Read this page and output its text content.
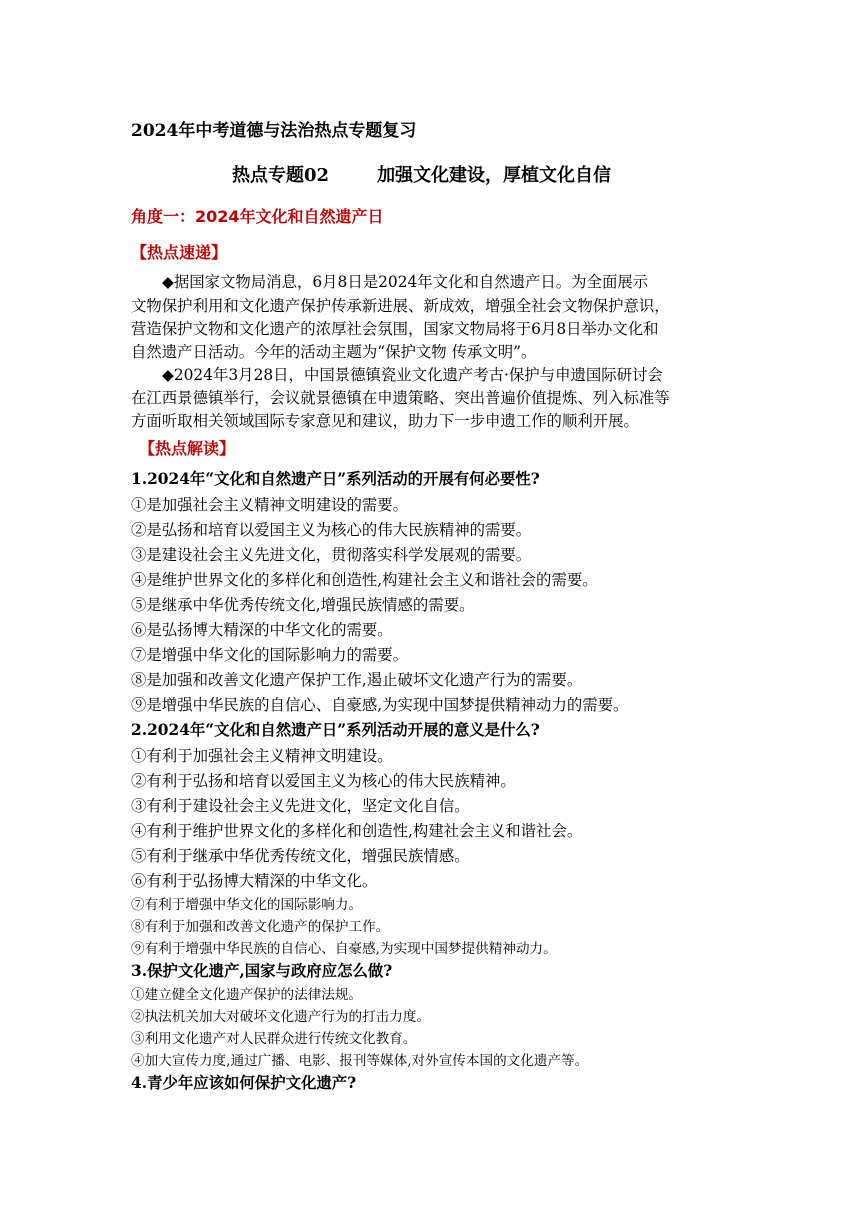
2024年中考道德与法治热点专题复习
热点专题02	加强文化建设，厚植文化自信
角度一：2024年文化和自然遗产日
【热点速递】
◆据国家文物局消息，6月8日是2024年文化和自然遗产日。为全面展示
文物保护利用和文化遗产保护传承新进展、新成效，增强全社会文物保护意识，
营造保护文物和文化遗产的浓厚社会氛围，国家文物局将于6月8日举办文化和
自然遗产日活动。今年的活动主题为“保护文物 传承文明”。
◆2024年3月28日，中国景德镇瓷业文化遗产考古·保护与申遗国际研讨会
在江西景德镇举行，会议就景德镇在申遗策略、突出普遍价值提炼、列入标准等
方面听取相关领域国际专家意见和建议，助力下一步申遗工作的顺利开展。
【热点解读】
1.2024年“文化和自然遗产日”系列活动的开展有何必要性?
①是加强社会主义精神文明建设的需要。
②是弘扬和培育以爱国主义为核心的伟大民族精神的需要。
③是建设社会主义先进文化，贯彻落实科学发展观的需要。
④是维护世界文化的多样化和创造性,构建社会主义和谐社会的需要。
⑤是继承中华优秀传统文化,增强民族情感的需要。
⑥是弘扬博大精深的中华文化的需要。
⑦是增强中华文化的国际影响力的需要。
⑧是加强和改善文化遗产保护工作,遏止破坏文化遗产行为的需要。
⑨是增强中华民族的自信心、自豪感,为实现中国梦提供精神动力的需要。
2.2024年“文化和自然遗产日”系列活动开展的意义是什么?
①有利于加强社会主义精神文明建设。
②有利于弘扬和培育以爱国主义为核心的伟大民族精神。
③有利于建设社会主义先进文化，坚定文化自信。
④有利于维护世界文化的多样化和创造性,构建社会主义和谐社会。
⑤有利于继承中华优秀传统文化，增强民族情感。
⑥有利于弘扬博大精深的中华文化。
⑦有利于增强中华文化的国际影响力。
⑧有利于加强和改善文化遗产的保护工作。
⑨有利于增强中华民族的自信心、自豪感,为实现中国梦提供精神动力。
3.保护文化遗产,国家与政府应怎么做?
①建立健全文化遗产保护的法律法规。
②执法机关加大对破坏文化遗产行为的打击力度。
③利用文化遗产对人民群众进行传统文化教育。
④加大宣传力度,通过广播、电影、报刊等媒体,对外宣传本国的文化遗产等。
4.青少年应该如何保护文化遗产?
